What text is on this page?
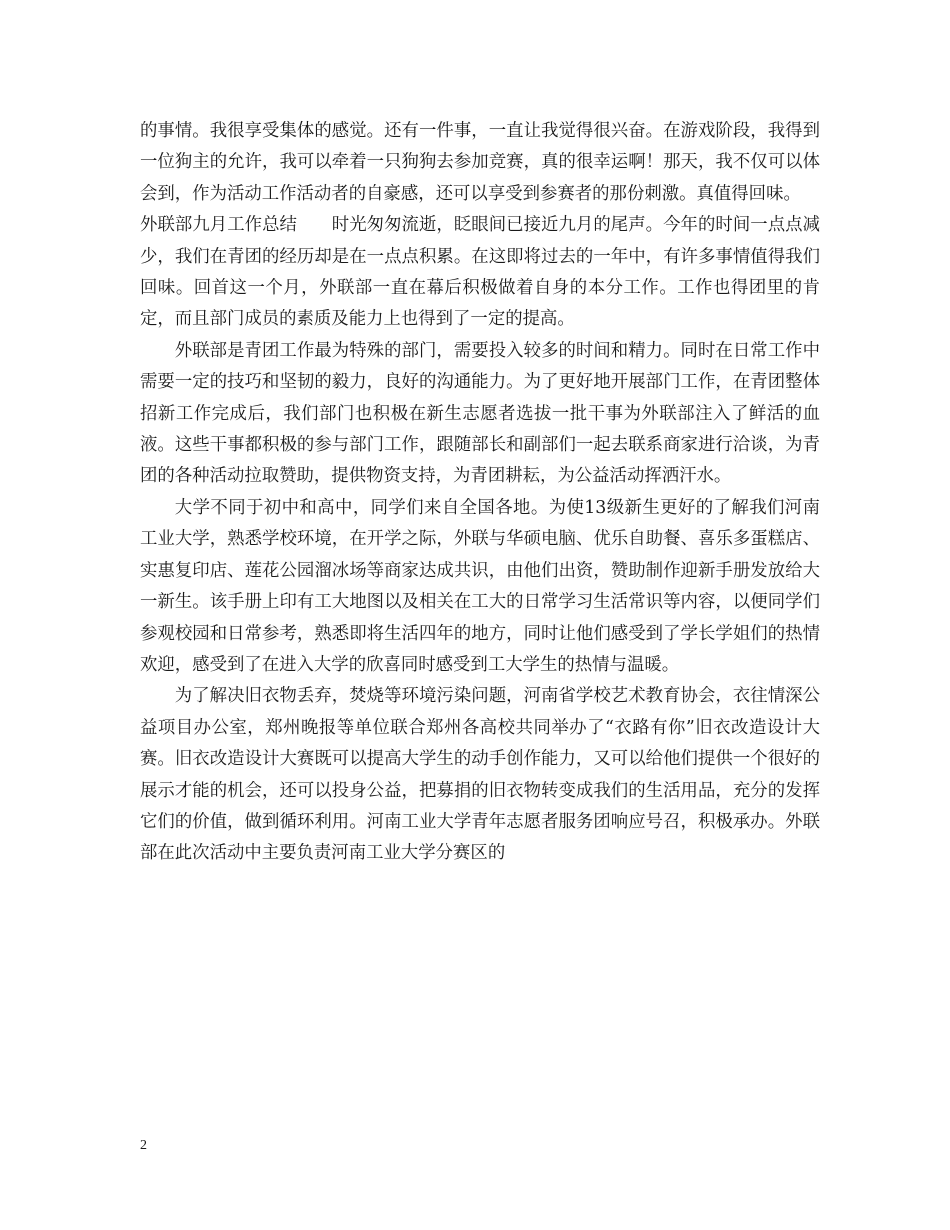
的事情。我很享受集体的感觉。还有一件事，一直让我觉得很兴奋。在游戏阶段，我得到一位狗主的允许，我可以牵着一只狗狗去参加竞赛，真的很幸运啊！那天，我不仅可以体会到，作为活动工作活动者的自豪感，还可以享受到参赛者的那份刺激。真值得回味。

外联部九月工作总结 时光匆匆流逝，眨眼间已接近九月的尾声。今年的时间一点点减少，我们在青团的经历却是在一点点积累。在这即将过去的一年中，有许多事情值得我们回味。回首这一个月，外联部一直在幕后积极做着自身的本分工作。工作也得团里的肯定，而且部门成员的素质及能力上也得到了一定的提高。

外联部是青团工作最为特殊的部门，需要投入较多的时间和精力。同时在日常工作中需要一定的技巧和坚韧的毅力，良好的沟通能力。为了更好地开展部门工作，在青团整体招新工作完成后，我们部门也积极在新生志愿者选拔一批干事为外联部注入了鲜活的血液。这些干事都积极的参与部门工作，跟随部长和副部们一起去联系商家进行洽谈，为青团的各种活动拉取赞助，提供物资支持，为青团耕耘，为公益活动挥洒汗水。

大学不同于初中和高中，同学们来自全国各地。为使13级新生更好的了解我们河南工业大学，熟悉学校环境，在开学之际，外联与华硕电脑、优乐自助餐、喜乐多蛋糕店、实惠复印店、莲花公园溜冰场等商家达成共识，由他们出资，赞助制作迎新手册发放给大一新生。该手册上印有工大地图以及相关在工大的日常学习生活常识等内容，以便同学们参观校园和日常参考，熟悉即将生活四年的地方，同时让他们感受到了学长学姐们的热情欢迎，感受到了在进入大学的欣喜同时感受到工大学生的热情与温暖。

为了解决旧衣物丢弃，焚烧等环境污染问题，河南省学校艺术教育协会，衣往情深公益项目办公室，郑州晚报等单位联合郑州各高校共同举办了“衣路有你”旧衣改造设计大赛。旧衣改造设计大赛既可以提高大学生的动手创作能力，又可以给他们提供一个很好的展示才能的机会，还可以投身公益，把募捐的旧衣物转变成我们的生活用品，充分的发挥它们的价值，做到循环利用。河南工业大学青年志愿者服务团响应号召，积极承办。外联部在此次活动中主要负责河南工业大学分赛区的

2
